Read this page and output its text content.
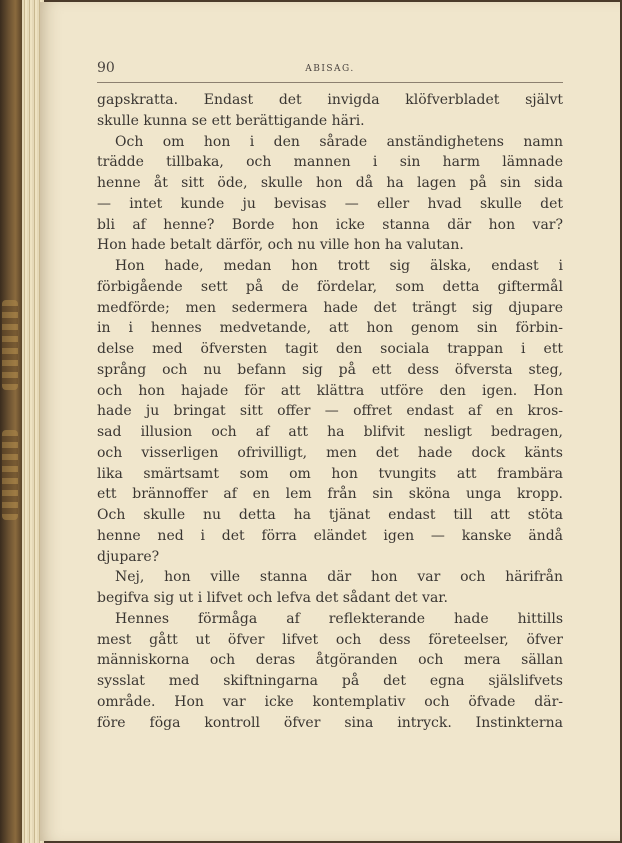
90	ABISAG.
gapskratta. Endast det invigda klöfverbladet självt
skulle kunna se ett berättigande häri.
Och om hon i den sårade anständighetens namn
trädde tillbaka, och mannen i sin harm lämnade
henne åt sitt öde, skulle hon då ha lagen på sin sida
— intet kunde ju bevisas — eller hvad skulle det
bli af henne? Borde hon icke stanna där hon var?
Hon hade betalt därför, och nu ville hon ha valutan.
Hon hade, medan hon trott sig älska, endast i
förbigående sett på de fördelar, som detta giftermål
medförde; men sedermera hade det trängt sig djupare
in i hennes medvetande, att hon genom sin förbin-
delse med öfversten tagit den sociala trappan i ett
språng och nu befann sig på ett dess öfversta steg,
och hon hajade för att klättra utföre den igen. Hon
hade ju bringat sitt offer — offret endast af en kros-
sad illusion och af att ha blifvit nesligt bedragen,
och visserligen ofrivilligt, men det hade dock känts
lika smärtsamt som om hon tvungits att frambära
ett brännoffer af en lem från sin sköna unga kropp.
Och skulle nu detta ha tjänat endast till att stöta
henne ned i det förra eländet igen — kanske ändå
djupare?
Nej, hon ville stanna där hon var och härifrån
begifva sig ut i lifvet och lefva det sådant det var.
Hennes förmåga af reflekterande hade hittills
mest gått ut öfver lifvet och dess företeelser, öfver
människorna och deras åtgöranden och mera sällan
sysslat med skiftningarna på det egna själslifvets
område. Hon var icke kontemplativ och öfvade där-
före föga kontroll öfver sina intryck. Instinkterna
